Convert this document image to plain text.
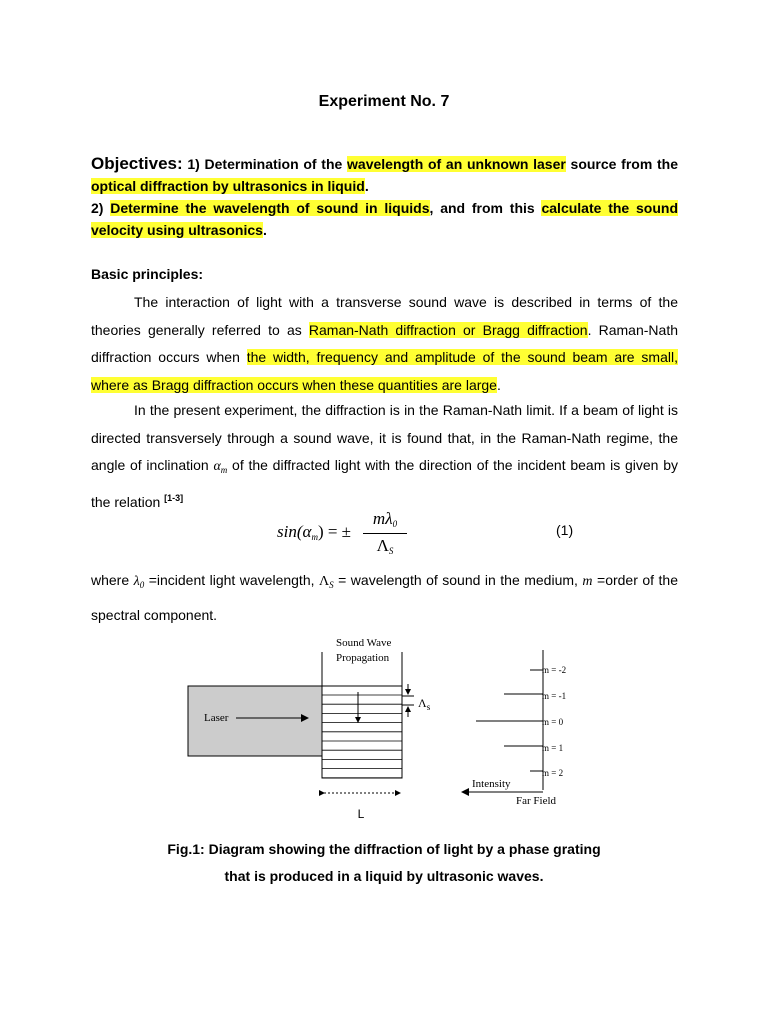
Experiment No. 7
Objectives: 1) Determination of the wavelength of an unknown laser source from the optical diffraction by ultrasonics in liquid.
2) Determine the wavelength of sound in liquids, and from this calculate the sound velocity using ultrasonics.
Basic principles:
The interaction of light with a transverse sound wave is described in terms of the theories generally referred to as Raman-Nath diffraction or Bragg diffraction. Raman-Nath diffraction occurs when the width, frequency and amplitude of the sound beam are small, where as Bragg diffraction occurs when these quantities are large.
In the present experiment, the diffraction is in the Raman-Nath limit. If a beam of light is directed transversely through a sound wave, it is found that, in the Raman-Nath regime, the angle of inclination $\alpha_m$ of the diffracted light with the direction of the incident beam is given by the relation [1-3]
$\sin(\alpha_m)$ = ±
$m\lambda_0$
$\Lambda_S$
(1)
where $\lambda_0$ =incident light wavelength, $\Lambda_S$ = wavelength of sound in the medium, m =order of the spectral component.
Sound Wave
Propagation
Laser
$\Lambda_s$
m = -2
m = -1
m = 0
m = 1
m = 2
Intensity
Far Field
L
Fig.1: Diagram showing the diffraction of light by a phase grating
that is produced in a liquid by ultrasonic waves.
